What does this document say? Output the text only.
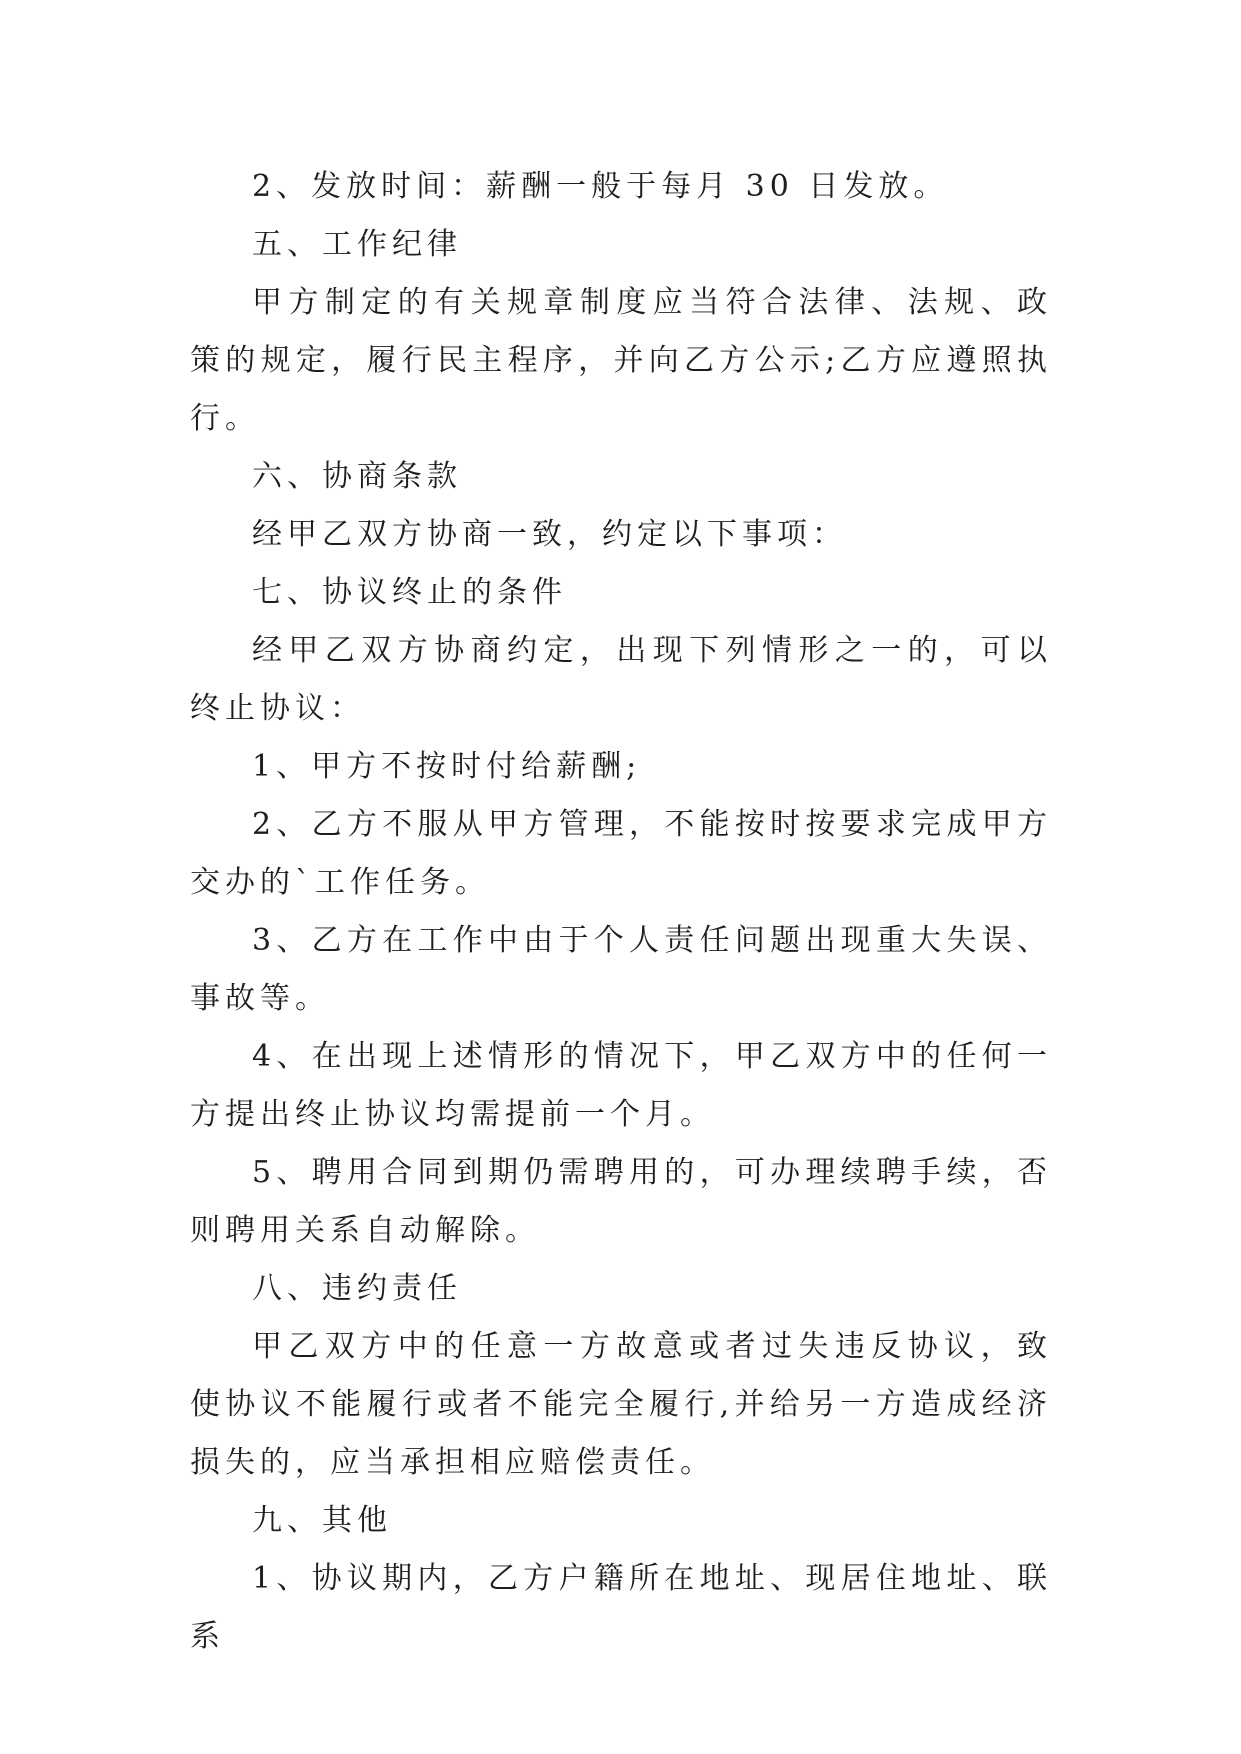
2、发放时间：薪酬一般于每月 30 日发放。

五、工作纪律

甲方制定的有关规章制度应当符合法律、法规、政策的规定，履行民主程序，并向乙方公示;乙方应遵照执行。

六、协商条款

经甲乙双方协商一致，约定以下事项：

七、协议终止的条件

经甲乙双方协商约定，出现下列情形之一的，可以终止协议：

1、甲方不按时付给薪酬;

2、乙方不服从甲方管理，不能按时按要求完成甲方交办的`工作任务。

3、乙方在工作中由于个人责任问题出现重大失误、事故等。

4、在出现上述情形的情况下，甲乙双方中的任何一方提出终止协议均需提前一个月。

5、聘用合同到期仍需聘用的，可办理续聘手续，否则聘用关系自动解除。

八、违约责任

甲乙双方中的任意一方故意或者过失违反协议，致使协议不能履行或者不能完全履行,并给另一方造成经济损失的，应当承担相应赔偿责任。

九、其他

1、协议期内，乙方户籍所在地址、现居住地址、联系
